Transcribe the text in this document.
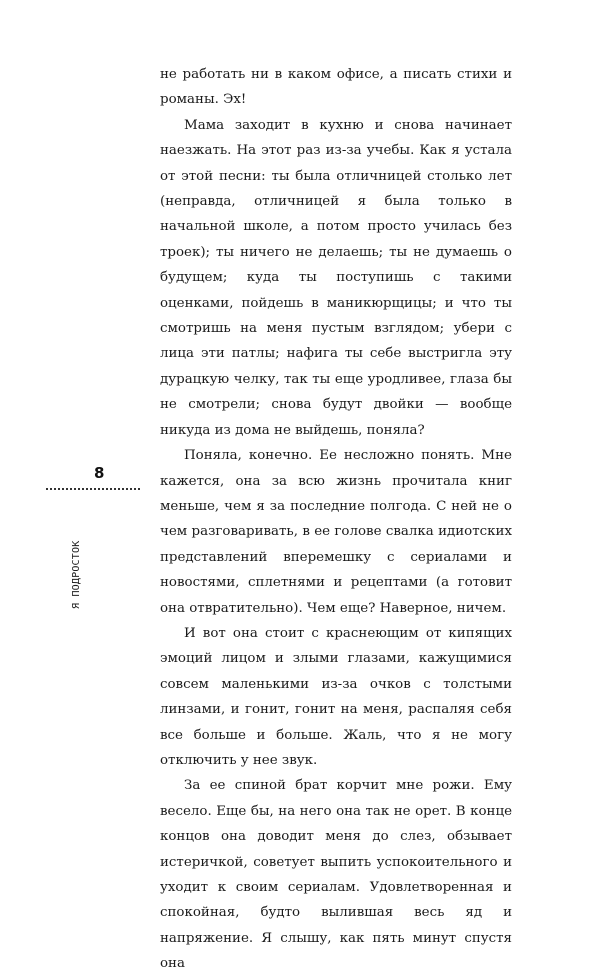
не работать ни в каком офисе, а писать стихи и романы. Эх!

Мама заходит в кухню и снова начинает наезжать. На этот раз из-за учебы. Как я устала от этой песни: ты была отличницей столько лет (неправда, отличницей я была только в начальной школе, а потом просто училась без троек); ты ничего не делаешь; ты не думаешь о будущем; куда ты поступишь с такими оценками, пойдешь в маникюрщицы; и что ты смотришь на меня пустым взглядом; убери с лица эти патлы; нафига ты себе выстригла эту дурацкую челку, так ты еще уродливее, глаза бы не смотрели; снова будут двойки — вообще никуда из дома не выйдешь, поняла?

Поняла, конечно. Ее несложно понять. Мне кажется, она за всю жизнь прочитала книг меньше, чем я за последние полгода. С ней не о чем разговаривать, в ее голове свалка идиотских представлений вперемешку с сериалами и новостями, сплетнями и рецептами (а готовит она отвратительно). Чем еще? Наверное, ничем.

И вот она стоит с краснеющим от кипящих эмоций лицом и злыми глазами, кажущимися совсем маленькими из-за очков с толстыми линзами, и гонит, гонит на меня, распаляя себя все больше и больше. Жаль, что я не могу отключить у нее звук.

За ее спиной брат корчит мне рожи. Ему весело. Еще бы, на него она так не орет. В конце концов она доводит меня до слез, обзывает истеричкой, советует выпить успокоительного и уходит к своим сериалам. Удовлетворенная и спокойная, будто вылившая весь яд и напряжение. Я слышу, как пять минут спустя она

8
Я ПОДРОСТОК
